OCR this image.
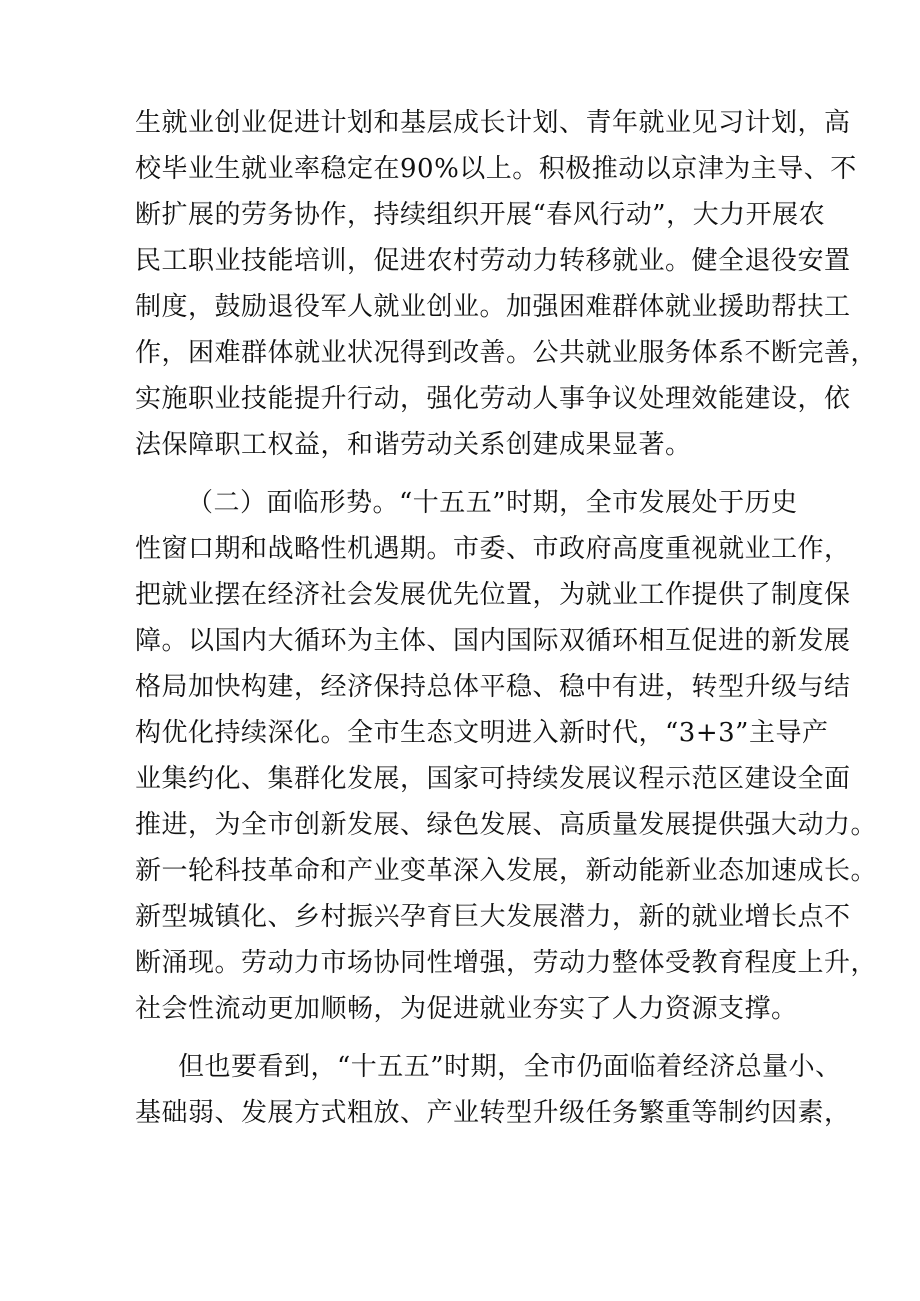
生就业创业促进计划和基层成长计划、青年就业见习计划，高
校毕业生就业率稳定在90%以上。积极推动以京津为主导、不
断扩展的劳务协作，持续组织开展“春风行动”，大力开展农
民工职业技能培训，促进农村劳动力转移就业。健全退役安置
制度，鼓励退役军人就业创业。加强困难群体就业援助帮扶工
作，困难群体就业状况得到改善。公共就业服务体系不断完善，
实施职业技能提升行动，强化劳动人事争议处理效能建设，依
法保障职工权益，和谐劳动关系创建成果显著。
（二）面临形势。“十五五”时期，全市发展处于历史
性窗口期和战略性机遇期。市委、市政府高度重视就业工作，
把就业摆在经济社会发展优先位置，为就业工作提供了制度保
障。以国内大循环为主体、国内国际双循环相互促进的新发展
格局加快构建，经济保持总体平稳、稳中有进，转型升级与结
构优化持续深化。全市生态文明进入新时代，“3+3”主导产
业集约化、集群化发展，国家可持续发展议程示范区建设全面
推进，为全市创新发展、绿色发展、高质量发展提供强大动力。
新一轮科技革命和产业变革深入发展，新动能新业态加速成长。
新型城镇化、乡村振兴孕育巨大发展潜力，新的就业增长点不
断涌现。劳动力市场协同性增强，劳动力整体受教育程度上升，
社会性流动更加顺畅，为促进就业夯实了人力资源支撑。
但也要看到，“十五五”时期，全市仍面临着经济总量小、
基础弱、发展方式粗放、产业转型升级任务繁重等制约因素，
